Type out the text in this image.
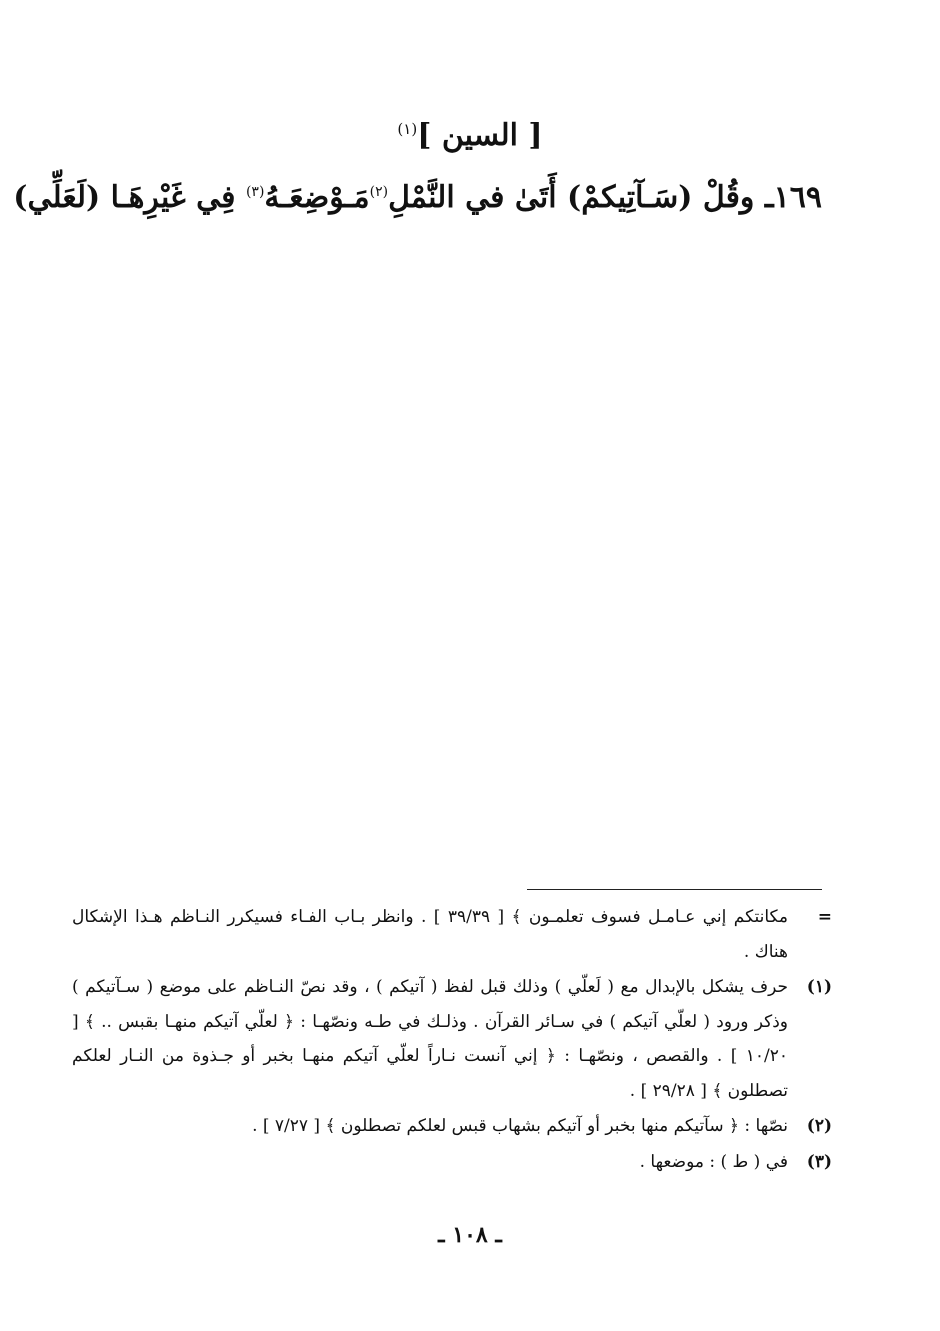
[ السين ]$^{(١)}$
١٦٩ـ وقُلْ (سَـآتِيكمْ) أَتَىٰ في النَّمْلِ$^{(٢)}$
مَـوْضِعَـهُ$^{(٣)}$ فِي غَيْرِهَـا (لَعَلِّي)
=
مكانتكم إني عـامـل فسوف تعلمـون ﴾ [ ٣٩/٣٩ ] . وانظر بـاب الفـاء فسيكرر النـاظم هـذا الإشكال هناك .
(١)
حرف يشكل بالإبدال مع ( لَعلّي ) وذلك قبل لفظ ( آتيكم ) ، وقد نصّ النـاظم على موضع ( سـآتيكم ) وذكر ورود ( لعلّي آتيكم ) في سـائر القرآن . وذلـك في طـه ونصّهـا : ﴿ لعلّي آتيكم منهـا بقبس .. ﴾ [ ١٠/٢٠ ] . والقصص ، ونصّهـا : ﴿ إني آنست نـاراً لعلّي آتيكم منهـا بخبر أو جـذوة من النـار لعلكم تصطلون ﴾ [ ٢٩/٢٨ ] .
(٢)
نصّها : ﴿ سآتيكم منها بخبر أو آتيكم بشهاب قبس لعلكم تصطلون ﴾ [ ٧/٢٧ ] .
(٣)
في ( ط ) : موضعها .
ـ ١٠٨ ـ
